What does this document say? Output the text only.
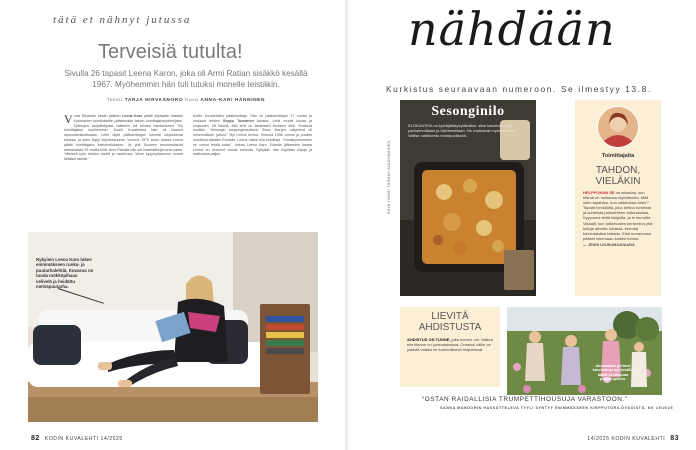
tätä et nähnyt jutussa
Terveisiä tutulta!
Sivulla 26 tapasit Leena Karon, joka oli Armi Ratian sisäkkö kesällä 1967. Myöhemmin hän tuli tutuksi monelle teistäkin.
Teksti TARJA HIRVASNORO Kuva ANNA-KARI HÄNNINEN

Vuosi Rikassiin kesän jälkeen Leena Karo päätti yllyttyään Nakalle Kotimainen toimitukselle pääsemään taloon toimittajaharjoittelijaksi. Opintojen harjoittelijaksi valkeihin tuli lehden toimitukseen. Tuli toimittajaksi myöhemmin. Kodin Kuvalehteä hän oli lukenut lapsuudenkodissaan. Lehti täytti päätoimittajan toiveita lukijoidensa kanssa, ja siten löytyi kirjoitussuunta. Vuonna 1970 levon alussa Leena päätti toimittajana kotitoimitukseen. Ja yhä Suomen ensimmäisistä aihealueista 20 vuotta töitä. Armi Ratialla hän sai haastatteluja tunsi palan. “Mielenti työn tahdon vauhti ja vaatiivuus. Viime kysymyksemme monet tällaiset tarinat.”

Kodin Kuvalehden päätoimittaja. Hän oli päätoimittajan 17 vuotta ja mukana lehden Seppo Tuovanen kanssa. Lehti muutti kuvaa ja luojauden. Oli tärkeä, että lehti on tavallisten ihmisten lehti. Yhdessä sovittiin. “Helsingin kaupunginteatterin Sinun Margot -näytelmä oli ensimmäinen juttuni.” Nyt Leena kertoo. Vuonna 1996 Leena ja puoliso muuttivat takaisin Ruotsiin. Leena halusi olla kirjoittaja. “Vuosikymmeneen en voinut tehdä toisin”, toteaa Leena Karo. Elämän jälkeenkin kautta Leena on kertonut monia tarinoita. Nykyään hän kirjoittaa kirjoja ja matkustaa paljon.

Nykyisin Leena Karo lukee enimmäkseen ruoka- ja puutarhalehtiä. Kuvassa on tuoda mökköpihaan velivelä ja heidättu metsäpuutarha.
82 KODIN KUVALEHTI 14/2025
nähdään
Kurkistus seuraavaan numeroon. Se ilmestyy 13.8.
Sesonginilo
ELOKUUSSA on kylväjätäkysyttäväksi, siksi kasvikset ovat parhaimmillaan ja halvimmillaan. Ne maistuvat myös talvella. Valitse vaihtoehto monipuolisesti.
KUVA TOMMI TUOMAS KOLEHMAINEN	Toimittajalta
TAHDON,
VIELÄKIN
HELPPOHAN SE on sikastaa, kun elämä on mukavaa myötätuulta. Mitä siten tapahtuu, kun vaikeuksia tulee? Tapaat henkilöitä, joka kertoo tunteista ja suhteista parisuhteen vaikeuksista. Kyyymme teillä lukijoilta, ja te kerroitte. Vikaalti, kun tutkimusten kertomina yhä tuttuja aiheita: kiivasta, kerrotut toimintakaksi taistelu. Ensi numerossa pääset lukemaan kaiken tunnut.
— JENNI LEUKUMAAVAARA
LIEVITÄ
AHDISTUSTA
AHDISTUS ON TUNNE, joka menee ohi. Vaikea niin tilanne on juomatuksissa. Onneksi väliin on ystäviä vaikka ne luonnollisesti helpottavat.
Ainoastaan perheet karvoinnan nyt kesällä täällä kesäkuuna piipparipellon.
“OSTAN RAIDALLISIA TRUMPETTIHOUSUJA VARASTOON.”
SANNA MANDORIN HASSUTTELEVA TYYLI SYNTYY ENIMMÄKSEEN KIRPPUTORILÖYDÖISTÄ, KK 15/2025
14/2025 KODIN KUVALEHTI 83
